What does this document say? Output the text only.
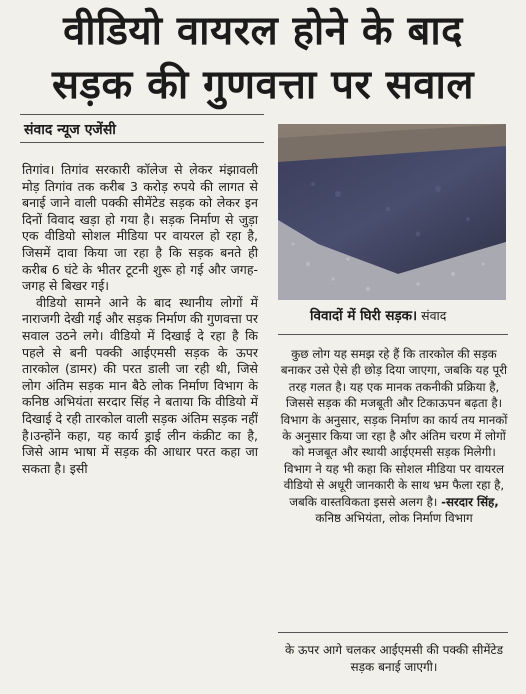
वीडियो वायरल होने के बाद
सड़क की गुणवत्ता पर सवाल
संवाद न्यूज एजेंसी

तिगांव। तिगांव सरकारी कॉलेज से लेकर मंझावली मोड़ तिगांव तक करीब 3 करोड़ रुपये की लागत से बनाई जाने वाली पक्की सीमेंटेड सड़क को लेकर इन दिनों विवाद खड़ा हो गया है। सड़क निर्माण से जुड़ा एक वीडियो सोशल मीडिया पर वायरल हो रहा है, जिसमें दावा किया जा रहा है कि सड़क बनते ही करीब 6 घंटे के भीतर टूटनी शुरू हो गई और जगह-जगह से बिखर गई।

वीडियो सामने आने के बाद स्थानीय लोगों में नाराजगी देखी गई और सड़क निर्माण की गुणवत्ता पर सवाल उठने लगे। वीडियो में दिखाई दे रहा है कि पहले से बनी पक्की आईएमसी सड़क के ऊपर तारकोल (डामर) की परत डाली जा रही थी, जिसे लोग अंतिम सड़क मान बैठे लोक निर्माण विभाग के कनिष्ठ अभियंता सरदार सिंह ने बताया कि वीडियो में दिखाई दे रही तारकोल वाली सड़क अंतिम सड़क नहीं है।उन्होंने कहा, यह कार्य ड्राई लीन कंक्रीट का है, जिसे आम भाषा में सड़क की आधार परत कहा जा सकता है। इसी

विवादों में घिरी सड़क। संवाद

कुछ लोग यह समझ रहे हैं कि तारकोल की सड़क बनाकर उसे ऐसे ही छोड़ दिया जाएगा, जबकि यह पूरी तरह गलत है। यह एक मानक तकनीकी प्रक्रिया है, जिससे सड़क की मजबूती और टिकाऊपन बढ़ता है। विभाग के अनुसार, सड़क निर्माण का कार्य तय मानकों के अनुसार किया जा रहा है और अंतिम चरण में लोगों को मजबूत और स्थायी आईएमसी सड़क मिलेगी।

विभाग ने यह भी कहा कि सोशल मीडिया पर वायरल वीडियो से अधूरी जानकारी के साथ भ्रम फैला रहा है, जबकि वास्तविकता इससे अलग है। -सरदार सिंह, कनिष्ठ अभियंता, लोक निर्माण विभाग

के ऊपर आगे चलकर आईएमसी की पक्की सीमेंटेड सड़क बनाई जाएगी।
